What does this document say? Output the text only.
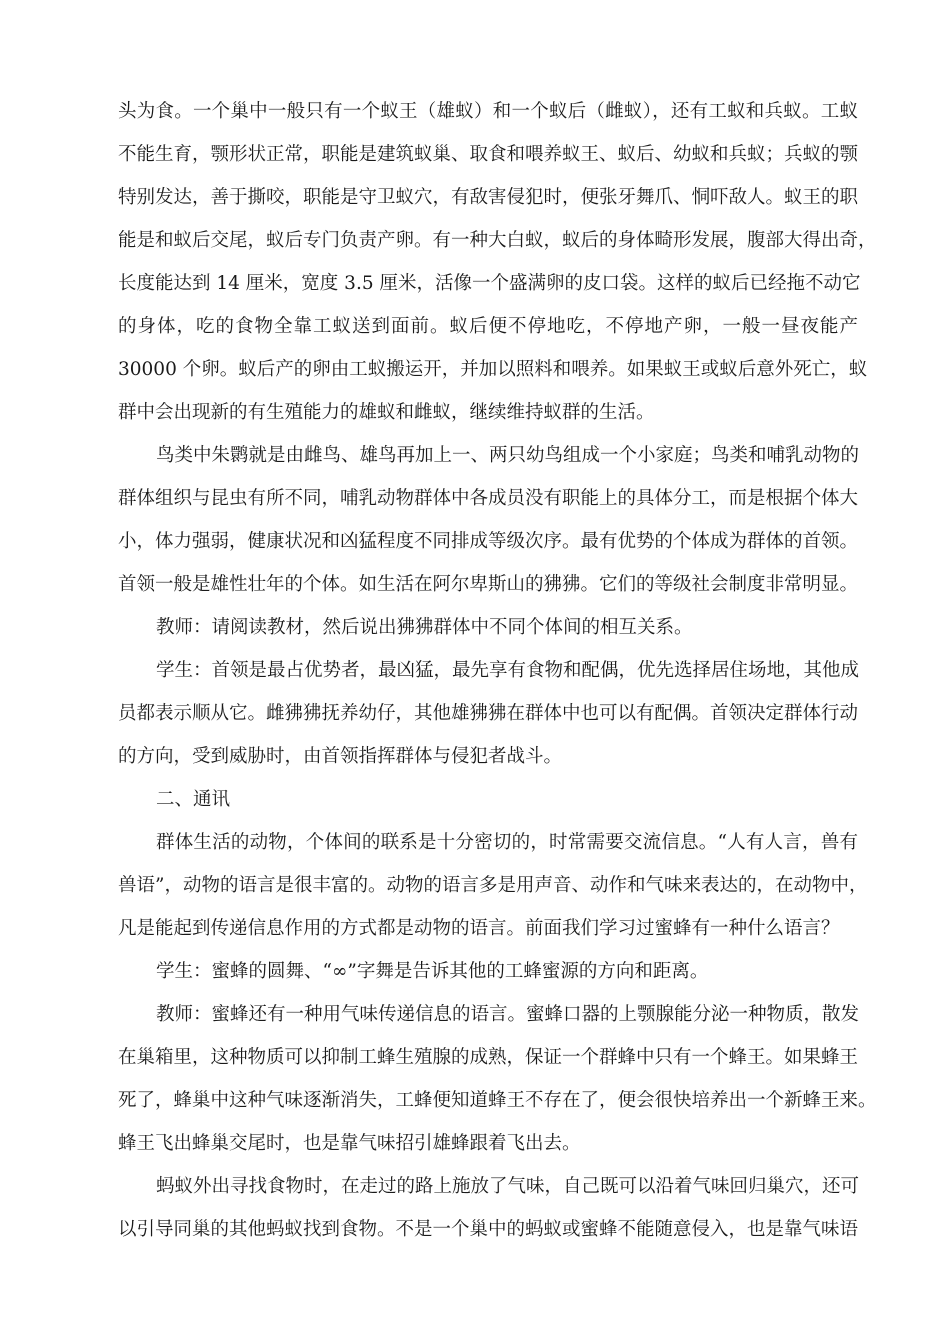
头为食。一个巢中一般只有一个蚁王（雄蚁）和一个蚁后（雌蚁），还有工蚁和兵蚁。工蚁
不能生育，颚形状正常，职能是建筑蚁巢、取食和喂养蚁王、蚁后、幼蚁和兵蚁；兵蚁的颚
特别发达，善于撕咬，职能是守卫蚁穴，有敌害侵犯时，便张牙舞爪、恫吓敌人。蚁王的职
能是和蚁后交尾，蚁后专门负责产卵。有一种大白蚁，蚁后的身体畸形发展，腹部大得出奇，
长度能达到 14 厘米，宽度 3.5 厘米，活像一个盛满卵的皮口袋。这样的蚁后已经拖不动它
的身体，吃的食物全靠工蚁送到面前。蚁后便不停地吃，不停地产卵，一般一昼夜能产
30000 个卵。蚁后产的卵由工蚁搬运开，并加以照料和喂养。如果蚁王或蚁后意外死亡，蚁
群中会出现新的有生殖能力的雄蚁和雌蚁，继续维持蚁群的生活。
鸟类中朱鹮就是由雌鸟、雄鸟再加上一、两只幼鸟组成一个小家庭；鸟类和哺乳动物的
群体组织与昆虫有所不同，哺乳动物群体中各成员没有职能上的具体分工，而是根据个体大
小，体力强弱，健康状况和凶猛程度不同排成等级次序。最有优势的个体成为群体的首领。
首领一般是雄性壮年的个体。如生活在阿尔卑斯山的狒狒。它们的等级社会制度非常明显。
教师：请阅读教材，然后说出狒狒群体中不同个体间的相互关系。
学生：首领是最占优势者，最凶猛，最先享有食物和配偶，优先选择居住场地，其他成
员都表示顺从它。雌狒狒抚养幼仔，其他雄狒狒在群体中也可以有配偶。首领决定群体行动
的方向，受到威胁时，由首领指挥群体与侵犯者战斗。
二、通讯
群体生活的动物，个体间的联系是十分密切的，时常需要交流信息。“人有人言，兽有
兽语”，动物的语言是很丰富的。动物的语言多是用声音、动作和气味来表达的，在动物中，
凡是能起到传递信息作用的方式都是动物的语言。前面我们学习过蜜蜂有一种什么语言？
学生：蜜蜂的圆舞、“∞”字舞是告诉其他的工蜂蜜源的方向和距离。
教师：蜜蜂还有一种用气味传递信息的语言。蜜蜂口器的上颚腺能分泌一种物质，散发
在巢箱里，这种物质可以抑制工蜂生殖腺的成熟，保证一个群蜂中只有一个蜂王。如果蜂王
死了，蜂巢中这种气味逐渐消失，工蜂便知道蜂王不存在了，便会很快培养出一个新蜂王来。
蜂王飞出蜂巢交尾时，也是靠气味招引雄蜂跟着飞出去。
蚂蚁外出寻找食物时，在走过的路上施放了气味，自己既可以沿着气味回归巢穴，还可
以引导同巢的其他蚂蚁找到食物。不是一个巢中的蚂蚁或蜜蜂不能随意侵入，也是靠气味语
